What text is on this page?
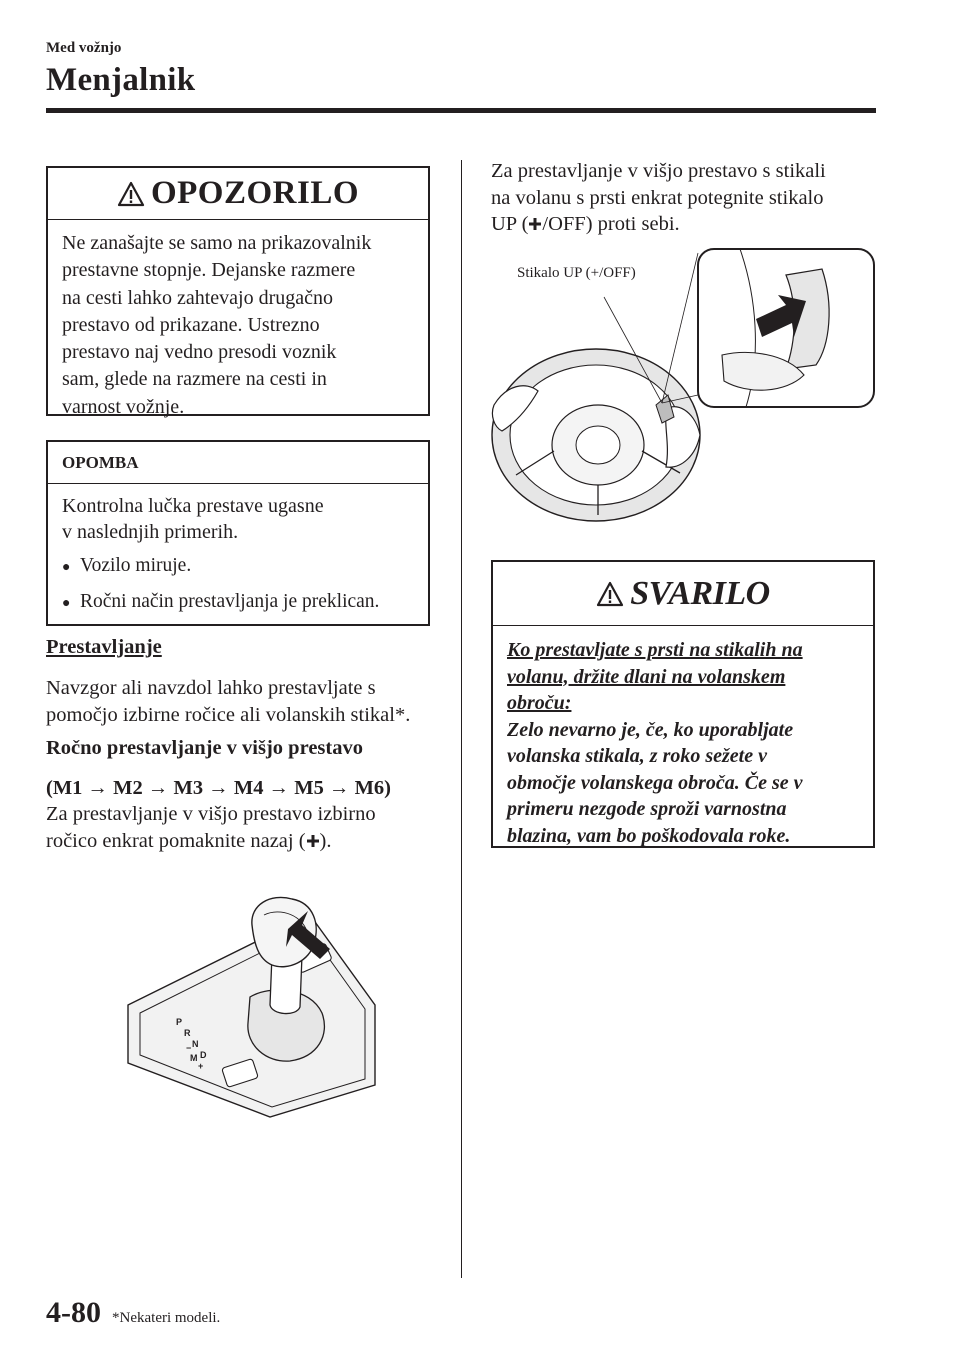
Med vožnjo
Menjalnik
OPOZORILO
Ne zanašajte se samo na prikazovalnik
prestavne stopnje. Dejanske razmere
na cesti lahko zahtevajo drugačno
prestavo od prikazane. Ustrezno
prestavo naj vedno presodi voznik
sam, glede na razmere na cesti in
varnost vožnje.
OPOMBA
Kontrolna lučka prestave ugasne
v naslednjih primerih.
● Vozilo miruje.
● Ročni način prestavljanja je preklican.
Prestavljanje
Navzgor ali navzdol lahko prestavljate s
pomočjo izbirne ročice ali volanskih stikal*.
Ročno prestavljanje v višjo prestavo
(M1 → M2 → M3 → M4 → M5 → M6)
Za prestavljanje v višjo prestavo izbirno
ročico enkrat pomaknite nazaj ( ).
P
R
N
D
M
−
+
Za prestavljanje v višjo prestavo s stikali
na volanu s prsti enkrat potegnite stikalo
UP ( /OFF) proti sebi.
Stikalo UP (+/OFF)
SVARILO
Ko prestavljate s prsti na stikalih na
volanu, držite dlani na volanskem
obroču:
Zelo nevarno je, če, ko uporabljate
volanska stikala, z roko sežete v
območje volanskega obroča. Če se v
primeru nezgode sproži varnostna
blazina, vam bo poškodovala roke.
4-80 *Nekateri modeli.
